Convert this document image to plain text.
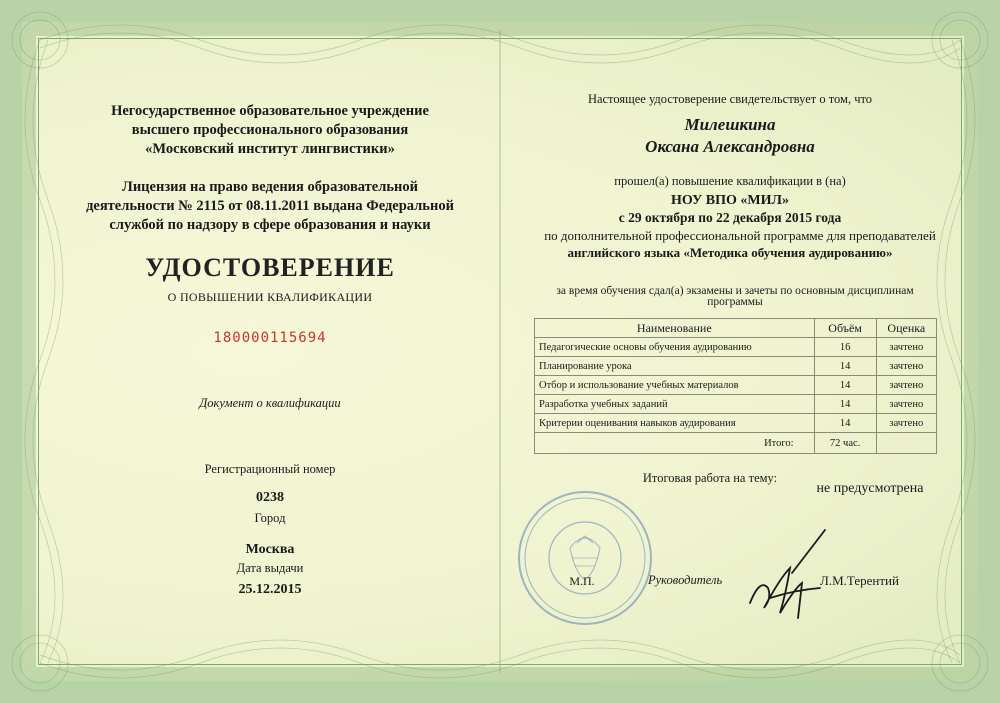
Негосударственное образовательное учреждение
высшего профессионального образования
«Московский институт лингвистики»
Лицензия на право ведения образовательной
деятельности № 2115 от 08.11.2011 выдана Федеральной
службой по надзору в сфере образования и науки
УДОСТОВЕРЕНИЕ
О ПОВЫШЕНИИ КВАЛИФИКАЦИИ
180000115694
Документ о квалификации
Регистрационный номер
0238
Город
Москва
Дата выдачи
25.12.2015
Настоящее удостоверение свидетельствует о том, что
Милешкина
Оксана Александровна
прошел(а) повышение квалификации в (на)
НОУ ВПО «МИЛ»
с 29 октября по 22 декабря 2015 года
по дополнительной профессиональной программе для преподавателей
английского языка «Методика обучения аудированию»
за время обучения сдал(а) экзамены и зачеты по основным дисциплинам
программы
Наименование	Объём	Оценка
Педагогические основы обучения аудированию	16	зачтено
Планирование урока	14	зачтено
Отбор и использование учебных материалов	14	зачтено
Разработка учебных заданий	14	зачтено
Критерии оценивания навыков аудирования	14	зачтено
Итого:	72 час.	
Итоговая работа на тему:
не предусмотрена
М.П.	Руководитель	Л.М.Терентий
